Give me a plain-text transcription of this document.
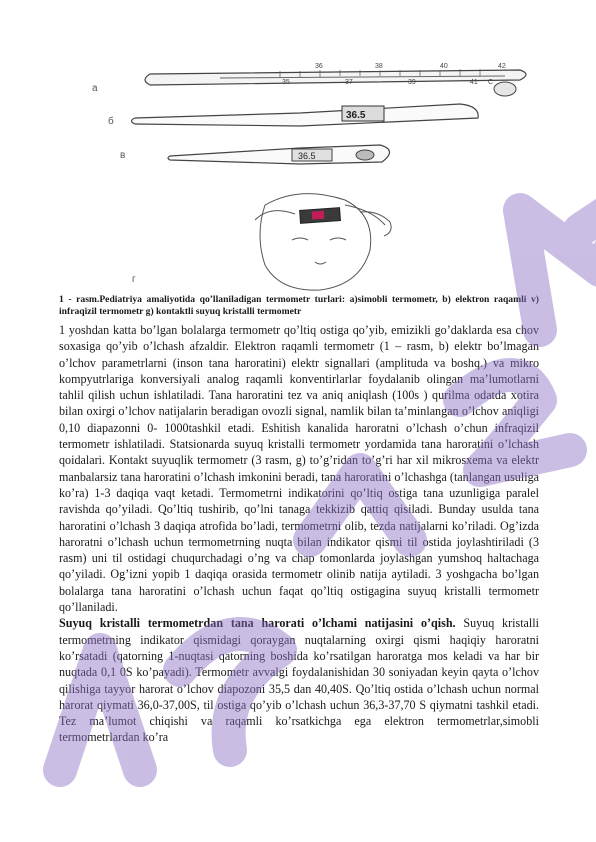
a
36	38	40	42
35	37	39	41 C
б
36.5
в	36.5
г
1 - rasm.Pediatriya amaliyotida qo’llaniladigan termometr turlari: a)simobli termometr, b) elektron raqamli v) infraqizil termometr g) kontaktli suyuq kristalli termometr

1 yoshdan katta bo’lgan bolalarga termometr qo’ltiq ostiga qo’yib, emizikli go’daklarda esa chov soxasiga qo’yib o’lchash afzaldir. Elektron raqamli termometr (1 – rasm, b) elektr bo’lmagan o’lchov parametrlarni (inson tana haroratini) elektr signallari (amplituda va boshq.) va mikro kompyutrlariga konversiyali analog raqamli konventirlarlar foydalanib olingan ma’lumotlarni tahlil qilish uchun ishlatiladi. Tana haroratini tez va aniq aniqlash (100s ) qurilma odatda xotira bilan oxirgi o’lchov natijalarin beradigan ovozli signal, namlik bilan ta’minlangan o’lchov aniqligi 0,10 diapazonni 0- 1000tashkil etadi. Eshitish kanalida haroratni o’lchash o’chun infraqizil termometr ishlatiladi. Statsionarda suyuq kristalli termometr yordamida tana haroratini o’lchash qoidalari. Kontakt suyuqlik termometr (3 rasm, g) to’g’ridan to’g’ri har xil mikrosxema va elektr manbalarsiz tana haroratini o’lchash imkonini beradi, tana haroratini o’lchashga (tanlangan usuliga ko’ra) 1-3 daqiqa vaqt ketadi. Termometrni indikatorini qo’ltiq ostiga tana uzunligiga paralel ravishda qo’yiladi. Qo’ltiq tushirib, qo’lni tanaga tekkizib qattiq qisiladi. Bunday usulda tana haroratini o’lchash 3 daqiqa atrofida bo’ladi, termometrni olib, tezda natijalarni ko’riladi. Og’izda haroratni o’lchash uchun termometrning nuqta bilan indikator qismi til ostida joylashtiriladi (3 rasm) uni til ostidagi chuqurchadagi o’ng va chap tomonlarda joylashgan yumshoq haltachaga qo’yiladi. Og’izni yopib 1 daqiqa orasida termometr olinib natija aytiladi. 3 yoshgacha bo’lgan bolalarga tana haroratini o’lchash uchun faqat qo’ltiq ostigagina suyuq kristalli termometr qo’llaniladi.

Suyuq kristalli termometrdan tana harorati o’lchami natijasini o’qish. Suyuq kristalli termometrning indikator qismidagi qoraygan nuqtalarning oxirgi qismi haqiqiy haroratni ko’rsatadi (qatorning 1-nuqtasi qatorning boshida ko’rsatilgan haroratga mos keladi va har bir nuqtada 0,1 0S ko’payadi). Termometr avvalgi foydalanishidan 30 soniyadan keyin qayta o’lchov qilishiga tayyor harorat o’lchov diapozoni 35,5 dan 40,40S. Qo’ltiq ostida o’lchash uchun normal harorat qiymati 36,0-37,00S, til ostiga qo’yib o’lchash uchun 36,3-37,70 S qiymatni tashkil etadi. Tez ma’lumot chiqishi va raqamli ko’rsatkichga ega elektron termometrlar,simobli termometrlardan ko’ra
